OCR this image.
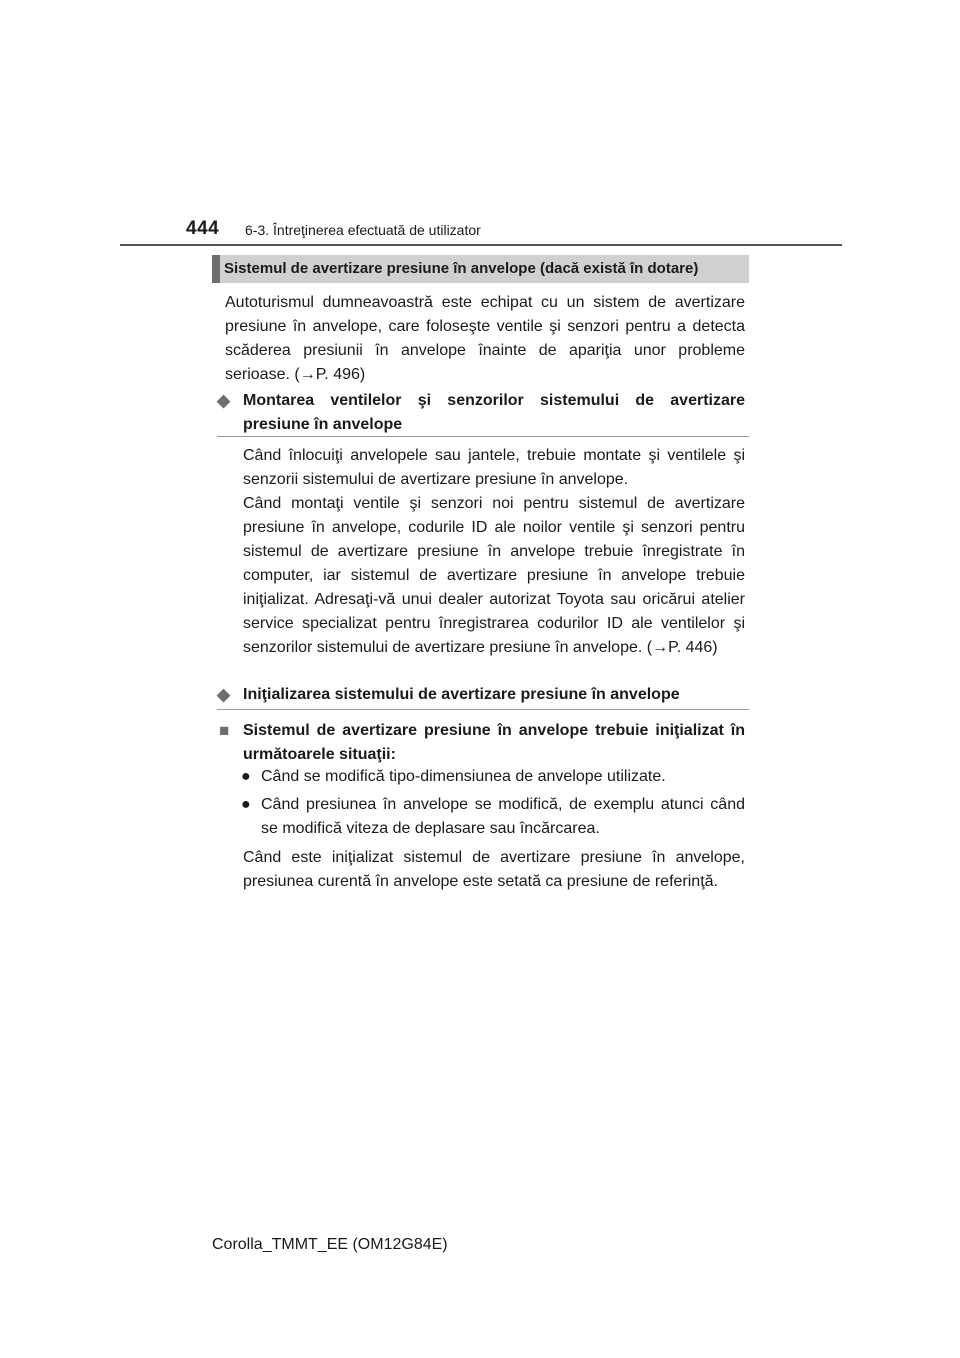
444 6-3. Întreţinerea efectuată de utilizator
Sistemul de avertizare presiune în anvelope (dacă există în dotare)

Autoturismul dumneavoastră este echipat cu un sistem de avertizare presiune în anvelope, care foloseşte ventile şi senzori pentru a detecta scăderea presiunii în anvelope înainte de apariţia unor probleme serioase. (→P. 496)

◆ Montarea ventilelor şi senzorilor sistemului de avertizare presiune în anvelope

Când înlocuiţi anvelopele sau jantele, trebuie montate şi ventilele şi senzorii sistemului de avertizare presiune în anvelope.

Când montaţi ventile şi senzori noi pentru sistemul de avertizare presiune în anvelope, codurile ID ale noilor ventile şi senzori pentru sistemul de avertizare presiune în anvelope trebuie înregistrate în computer, iar sistemul de avertizare presiune în anvelope trebuie iniţializat. Adresaţi-vă unui dealer autorizat Toyota sau oricărui atelier service specializat pentru înregistrarea codurilor ID ale ventilelor şi senzorilor sistemului de avertizare presiune în anvelope. (→P. 446)

◆ Iniţializarea sistemului de avertizare presiune în anvelope
■ Sistemul de avertizare presiune în anvelope trebuie iniţializat în următoarele situaţii:
● Când se modifică tipo-dimensiunea de anvelope utilizate.
● Când presiunea în anvelope se modifică, de exemplu atunci când se modifică viteza de deplasare sau încărcarea.

Când este iniţializat sistemul de avertizare presiune în anvelope, presiunea curentă în anvelope este setată ca presiune de referinţă.

Corolla_TMMT_EE (OM12G84E)
